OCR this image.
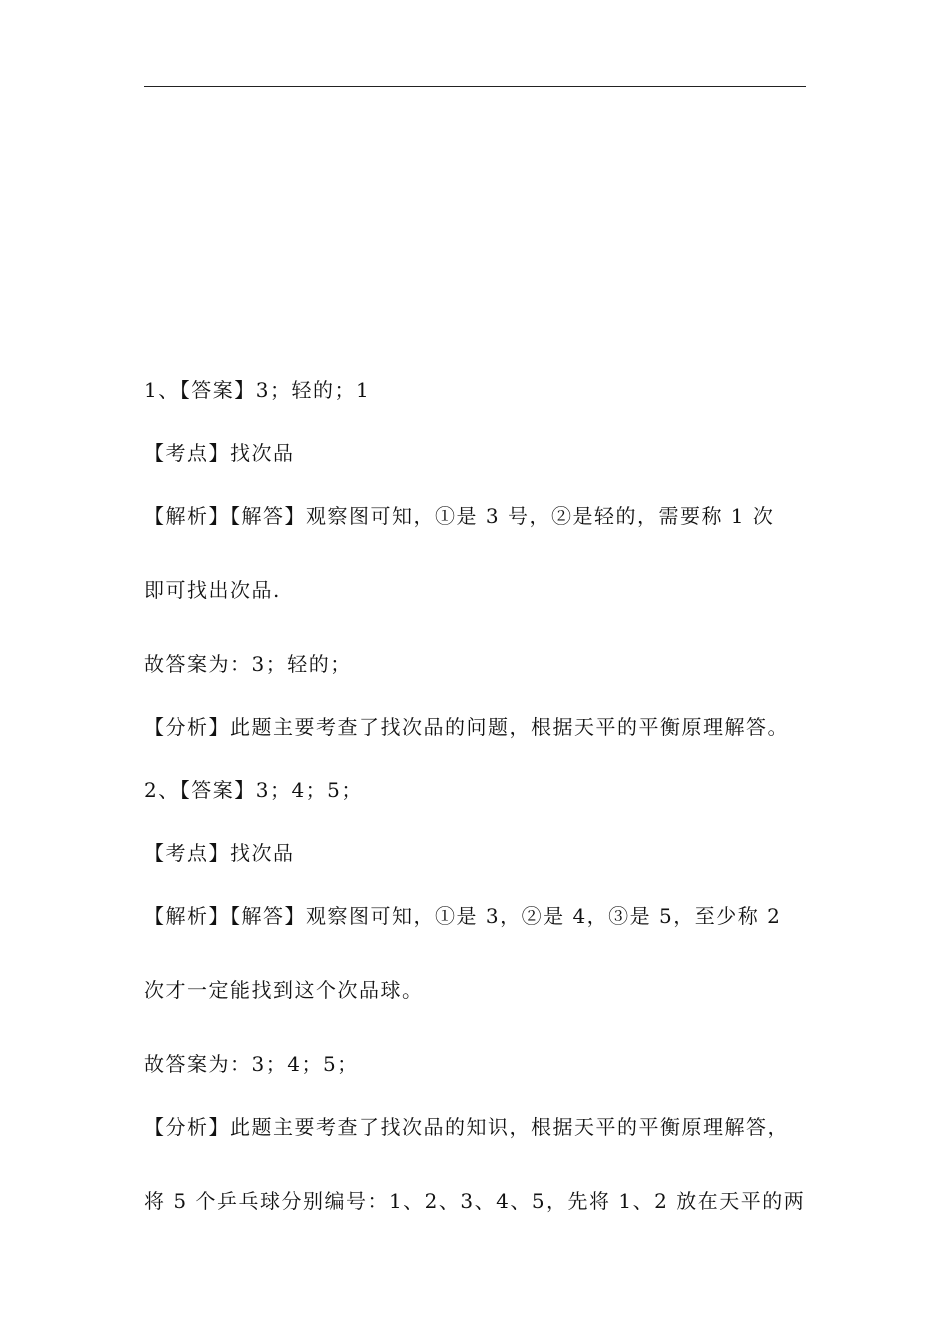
1、【答案】3；轻的；1
【考点】找次品
【解析】【解答】观察图可知，①是 3 号，②是轻的，需要称 1 次
即可找出次品.
故答案为：3；轻的；
【分析】此题主要考查了找次品的问题，根据天平的平衡原理解答。
2、【答案】3；4；5；
【考点】找次品
【解析】【解答】观察图可知，①是 3，②是 4，③是 5，至少称 2
次才一定能找到这个次品球。
故答案为：3；4；5；
【分析】此题主要考查了找次品的知识，根据天平的平衡原理解答，
将 5 个乒乓球分别编号：1、2、3、4、5，先将 1、2 放在天平的两
